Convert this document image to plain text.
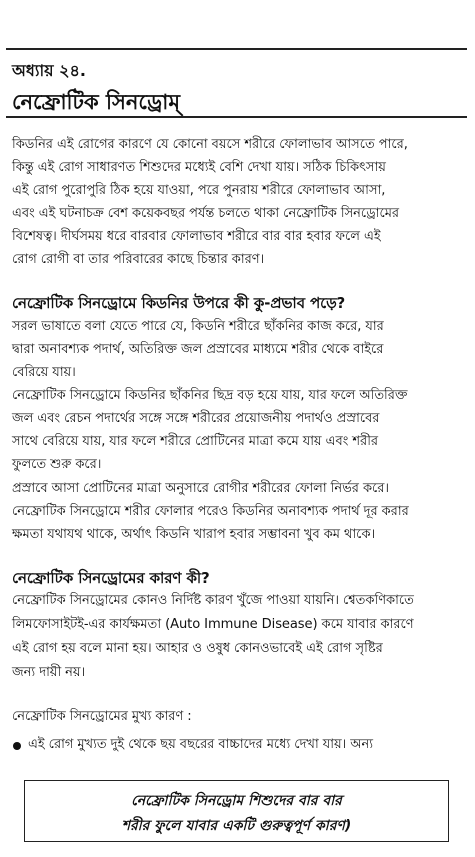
অধ্যায় ২৪.
নেফ্রোটিক সিনড্রোম্
কিডনির এই রোগের কারণে যে কোনো বয়সে শরীরে ফোলাভাব আসতে পারে,
কিন্তু এই রোগ সাধারণত শিশুদের মধ্যেই বেশি দেখা যায়। সঠিক চিকিৎসায়
এই রোগ পুরোপুরি ঠিক হয়ে যাওয়া, পরে পুনরায় শরীরে ফোলাভাব আসা,
এবং এই ঘটনাচক্র বেশ কয়েকবছর পর্যন্ত চলতে থাকা নেফ্রোটিক সিনড্রোমের
বিশেষত্ব। দীর্ঘসময় ধরে বারবার ফোলাভাব শরীরে বার বার হবার ফলে এই
রোগ রোগী বা তার পরিবারের কাছে চিন্তার কারণ।
নেফ্রোটিক সিনড্রোমে কিডনির উপরে কী কু-প্রভাব পড়ে?
সরল ভাষাতে বলা যেতে পারে যে, কিডনি শরীরে ছাঁকনির কাজ করে, যার
দ্বারা অনাবশ্যক পদার্থ, অতিরিক্ত জল প্রস্রাবের মাধ্যমে শরীর থেকে বাইরে
বেরিয়ে যায়।
নেফ্রোটিক সিনড্রোমে কিডনির ছাঁকনির ছিদ্র বড় হয়ে যায়, যার ফলে অতিরিক্ত
জল এবং রেচন পদার্থের সঙ্গে সঙ্গে শরীরের প্রয়োজনীয় পদার্থও প্রস্রাবের
সাথে বেরিয়ে যায়, যার ফলে শরীরে প্রোটিনের মাত্রা কমে যায় এবং শরীর
ফুলতে শুরু করে।
প্রস্রাবে আসা প্রোটিনের মাত্রা অনুসারে রোগীর শরীরের ফোলা নির্ভর করে।
নেফ্রোটিক সিনড্রোমে শরীর ফোলার পরেও কিডনির অনাবশ্যক পদার্থ দূর করার
ক্ষমতা যথাযথ থাকে, অর্থাৎ কিডনি খারাপ হবার সম্ভাবনা খুব কম থাকে।
নেফ্রোটিক সিনড্রোমের কারণ কী?
নেফ্রোটিক সিনড্রোমের কোনও নির্দিষ্ট কারণ খুঁজে পাওয়া যায়নি। শ্বেতকণিকাতে
লিমফোসাইটই-এর কার্যক্ষমতা (Auto Immune Disease) কমে যাবার কারণে
এই রোগ হয় বলে মানা হয়। আহার ও ওষুধ কোনওভাবেই এই রোগ সৃষ্টির
জন্য দায়ী নয়।
নেফ্রোটিক সিনড্রোমের মুখ্য কারণ :
এই রোগ মুখ্যত দুই থেকে ছয় বছরের বাচ্চাদের মধ্যে দেখা যায়। অন্য
নেফ্রোটিক সিনড্রোম শিশুদের বার বার
শরীর ফুলে যাবার একটি গুরুত্বপূর্ণ কারণ)
